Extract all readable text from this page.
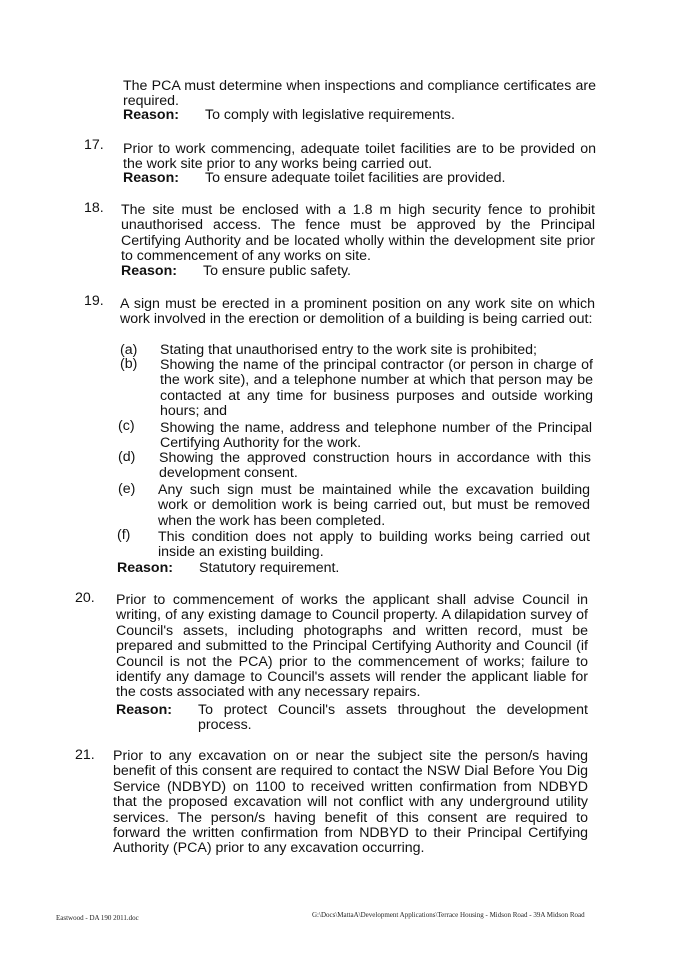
The PCA must determine when inspections and compliance certificates are required.
Reason: To comply with legislative requirements.
17. Prior to work commencing, adequate toilet facilities are to be provided on the work site prior to any works being carried out.
Reason: To ensure adequate toilet facilities are provided.
18. The site must be enclosed with a 1.8 m high security fence to prohibit unauthorised access. The fence must be approved by the Principal Certifying Authority and be located wholly within the development site prior to commencement of any works on site.
Reason: To ensure public safety.
19. A sign must be erected in a prominent position on any work site on which work involved in the erection or demolition of a building is being carried out:
(a) Stating that unauthorised entry to the work site is prohibited;
(b) Showing the name of the principal contractor (or person in charge of the work site), and a telephone number at which that person may be contacted at any time for business purposes and outside working hours; and
(c) Showing the name, address and telephone number of the Principal Certifying Authority for the work.
(d) Showing the approved construction hours in accordance with this development consent.
(e) Any such sign must be maintained while the excavation building work or demolition work is being carried out, but must be removed when the work has been completed.
(f) This condition does not apply to building works being carried out inside an existing building.
Reason: Statutory requirement.
20. Prior to commencement of works the applicant shall advise Council in writing, of any existing damage to Council property. A dilapidation survey of Council's assets, including photographs and written record, must be prepared and submitted to the Principal Certifying Authority and Council (if Council is not the PCA) prior to the commencement of works; failure to identify any damage to Council's assets will render the applicant liable for the costs associated with any necessary repairs.
Reason: To protect Council's assets throughout the development process.
21. Prior to any excavation on or near the subject site the person/s having benefit of this consent are required to contact the NSW Dial Before You Dig Service (NDBYD) on 1100 to received written confirmation from NDBYD that the proposed excavation will not conflict with any underground utility services. The person/s having benefit of this consent are required to forward the written confirmation from NDBYD to their Principal Certifying Authority (PCA) prior to any excavation occurring.
Eastwood - DA 190 2011.doc	G:\Docs\MattaA\Development Applications\Terrace Housing - Midson Road - 39A Midson Road
